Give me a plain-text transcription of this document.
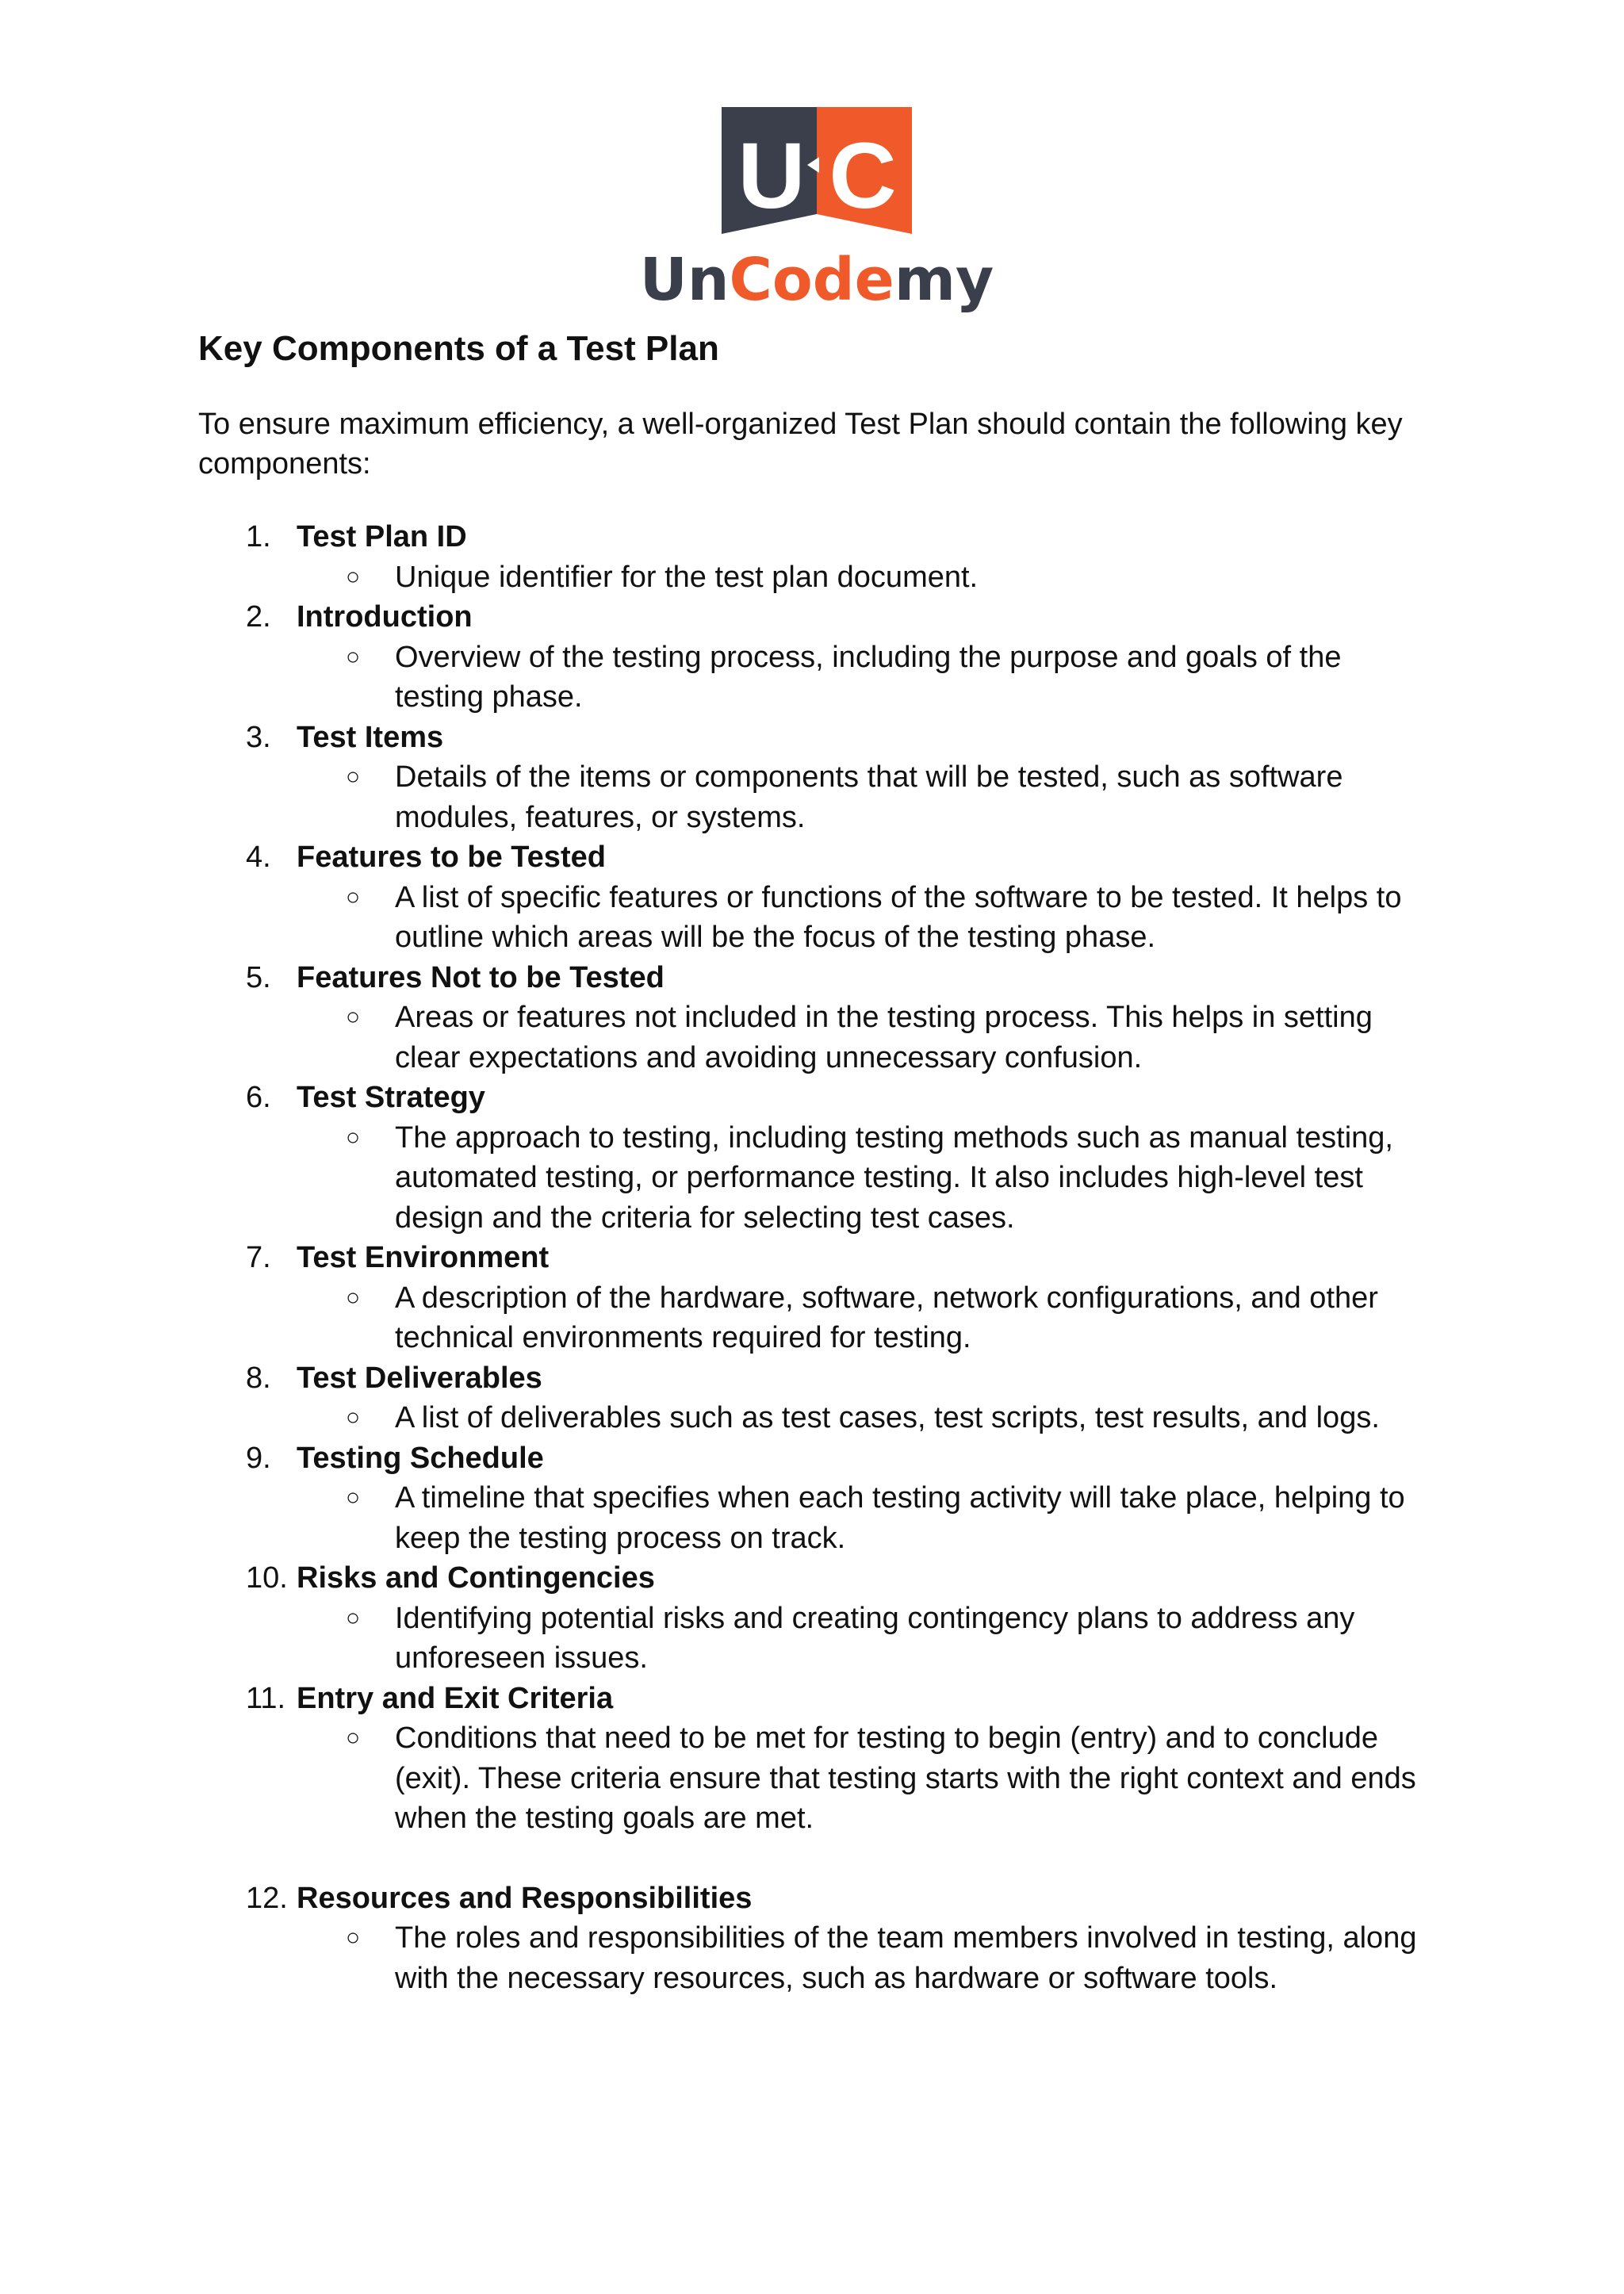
U C
UnCodemy
Key Components of a Test Plan

To ensure maximum efficiency, a well-organized Test Plan should contain the following key components:

1. Test Plan ID
○ Unique identifier for the test plan document.
2. Introduction
○ Overview of the testing process, including the purpose and goals of the testing phase.
3. Test Items
○ Details of the items or components that will be tested, such as software modules, features, or systems.
4. Features to be Tested
○ A list of specific features or functions of the software to be tested. It helps to outline which areas will be the focus of the testing phase.
5. Features Not to be Tested
○ Areas or features not included in the testing process. This helps in setting clear expectations and avoiding unnecessary confusion.
6. Test Strategy
○ The approach to testing, including testing methods such as manual testing, automated testing, or performance testing. It also includes high-level test design and the criteria for selecting test cases.
7. Test Environment
○ A description of the hardware, software, network configurations, and other technical environments required for testing.
8. Test Deliverables
○ A list of deliverables such as test cases, test scripts, test results, and logs.
9. Testing Schedule
○ A timeline that specifies when each testing activity will take place, helping to keep the testing process on track.
10. Risks and Contingencies
○ Identifying potential risks and creating contingency plans to address any unforeseen issues.
11. Entry and Exit Criteria
○ Conditions that need to be met for testing to begin (entry) and to conclude (exit). These criteria ensure that testing starts with the right context and ends when the testing goals are met.
12. Resources and Responsibilities
○ The roles and responsibilities of the team members involved in testing, along with the necessary resources, such as hardware or software tools.
